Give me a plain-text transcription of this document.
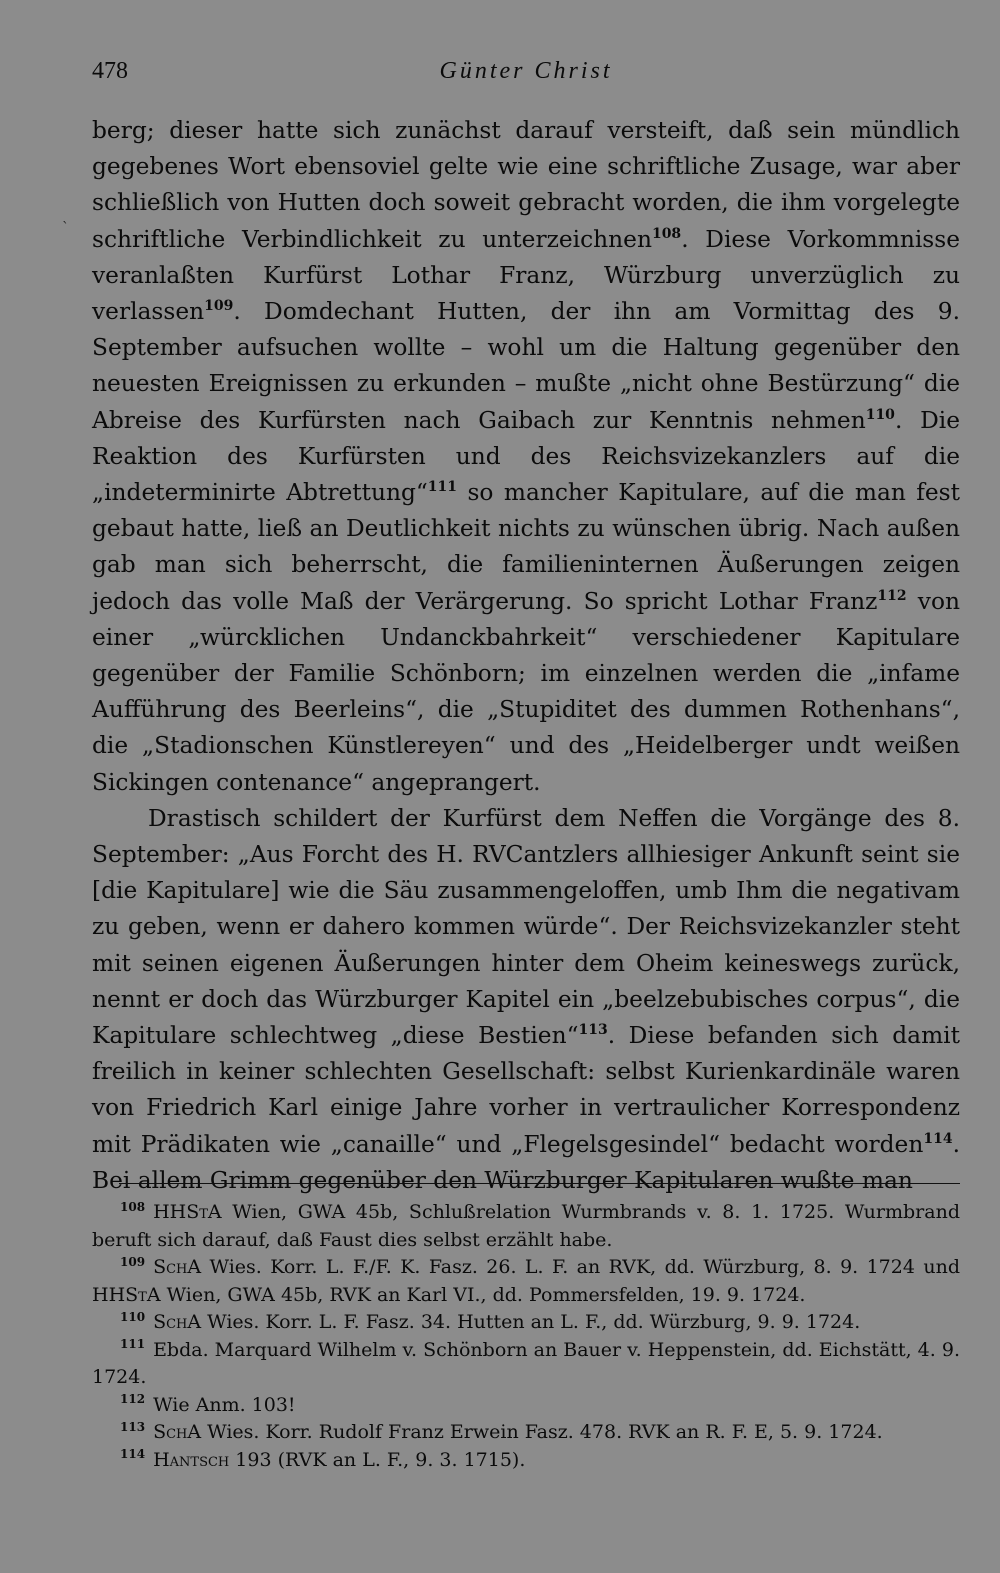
478	Günter Christ
ˋ

berg; dieser hatte sich zunächst darauf versteift, daß sein mündlich gegebenes Wort ebensoviel gelte wie eine schriftliche Zusage, war aber schließlich von Hutten doch soweit gebracht worden, die ihm vorgelegte schriftliche Verbindlichkeit zu unterzeichnen$^{108}$. Diese Vorkommnisse veranlaßten Kurfürst Lothar Franz, Würzburg unverzüglich zu verlassen$^{109}$. Domdechant Hutten, der ihn am Vormittag des 9. September aufsuchen wollte – wohl um die Haltung gegenüber den neuesten Ereignissen zu erkunden – mußte „nicht ohne Bestürzung“ die Abreise des Kurfürsten nach Gaibach zur Kenntnis nehmen$^{110}$. Die Reaktion des Kurfürsten und des Reichsvizekanzlers auf die „indeterminirte Abtrettung“$^{111}$ so mancher Kapitulare, auf die man fest gebaut hatte, ließ an Deutlichkeit nichts zu wünschen übrig. Nach außen gab man sich beherrscht, die familieninternen Äußerungen zeigen jedoch das volle Maß der Verärgerung. So spricht Lothar Franz$^{112}$ von einer „würcklichen Undanckbahrkeit“ verschiedener Kapitulare gegenüber der Familie Schönborn; im einzelnen werden die „infame Aufführung des Beerleins“, die „Stupiditet des dummen Rothenhans“, die „Stadionschen Künstlereyen“ und des „Heidelberger undt weißen Sickingen contenance“ angeprangert.

Drastisch schildert der Kurfürst dem Neffen die Vorgänge des 8. September: „Aus Forcht des H. RVCantzlers allhiesiger Ankunft seint sie [die Kapitulare] wie die Säu zusammengeloffen, umb Ihm die negativam zu geben, wenn er dahero kommen würde“. Der Reichsvizekanzler steht mit seinen eigenen Äußerungen hinter dem Oheim keineswegs zurück, nennt er doch das Würzburger Kapitel ein „beelzebubisches corpus“, die Kapitulare schlechtweg „diese Bestien“$^{113}$. Diese befanden sich damit freilich in keiner schlechten Gesellschaft: selbst Kurienkardinäle waren von Friedrich Karl einige Jahre vorher in vertraulicher Korrespondenz mit Prädikaten wie „canaille“ und „Flegelsgesindel“ bedacht worden$^{114}$. Bei allem Grimm gegenüber den Würzburger Kapitularen wußte man

$^{108}$ HHStA Wien, GWA 45b, Schlußrelation Wurmbrands v. 8. 1. 1725. Wurmbrand beruft sich darauf, daß Faust dies selbst erzählt habe.

$^{109}$ SchA Wies. Korr. L. F./F. K. Fasz. 26. L. F. an RVK, dd. Würzburg, 8. 9. 1724 und HHStA Wien, GWA 45b, RVK an Karl VI., dd. Pommersfelden, 19. 9. 1724.

$^{110}$ SchA Wies. Korr. L. F. Fasz. 34. Hutten an L. F., dd. Würzburg, 9. 9. 1724.

$^{111}$ Ebda. Marquard Wilhelm v. Schönborn an Bauer v. Heppenstein, dd. Eichstätt, 4. 9. 1724.

$^{112}$ Wie Anm. 103!

$^{113}$ SchA Wies. Korr. Rudolf Franz Erwein Fasz. 478. RVK an R. F. E, 5. 9. 1724.

$^{114}$ Hantsch 193 (RVK an L. F., 9. 3. 1715).
